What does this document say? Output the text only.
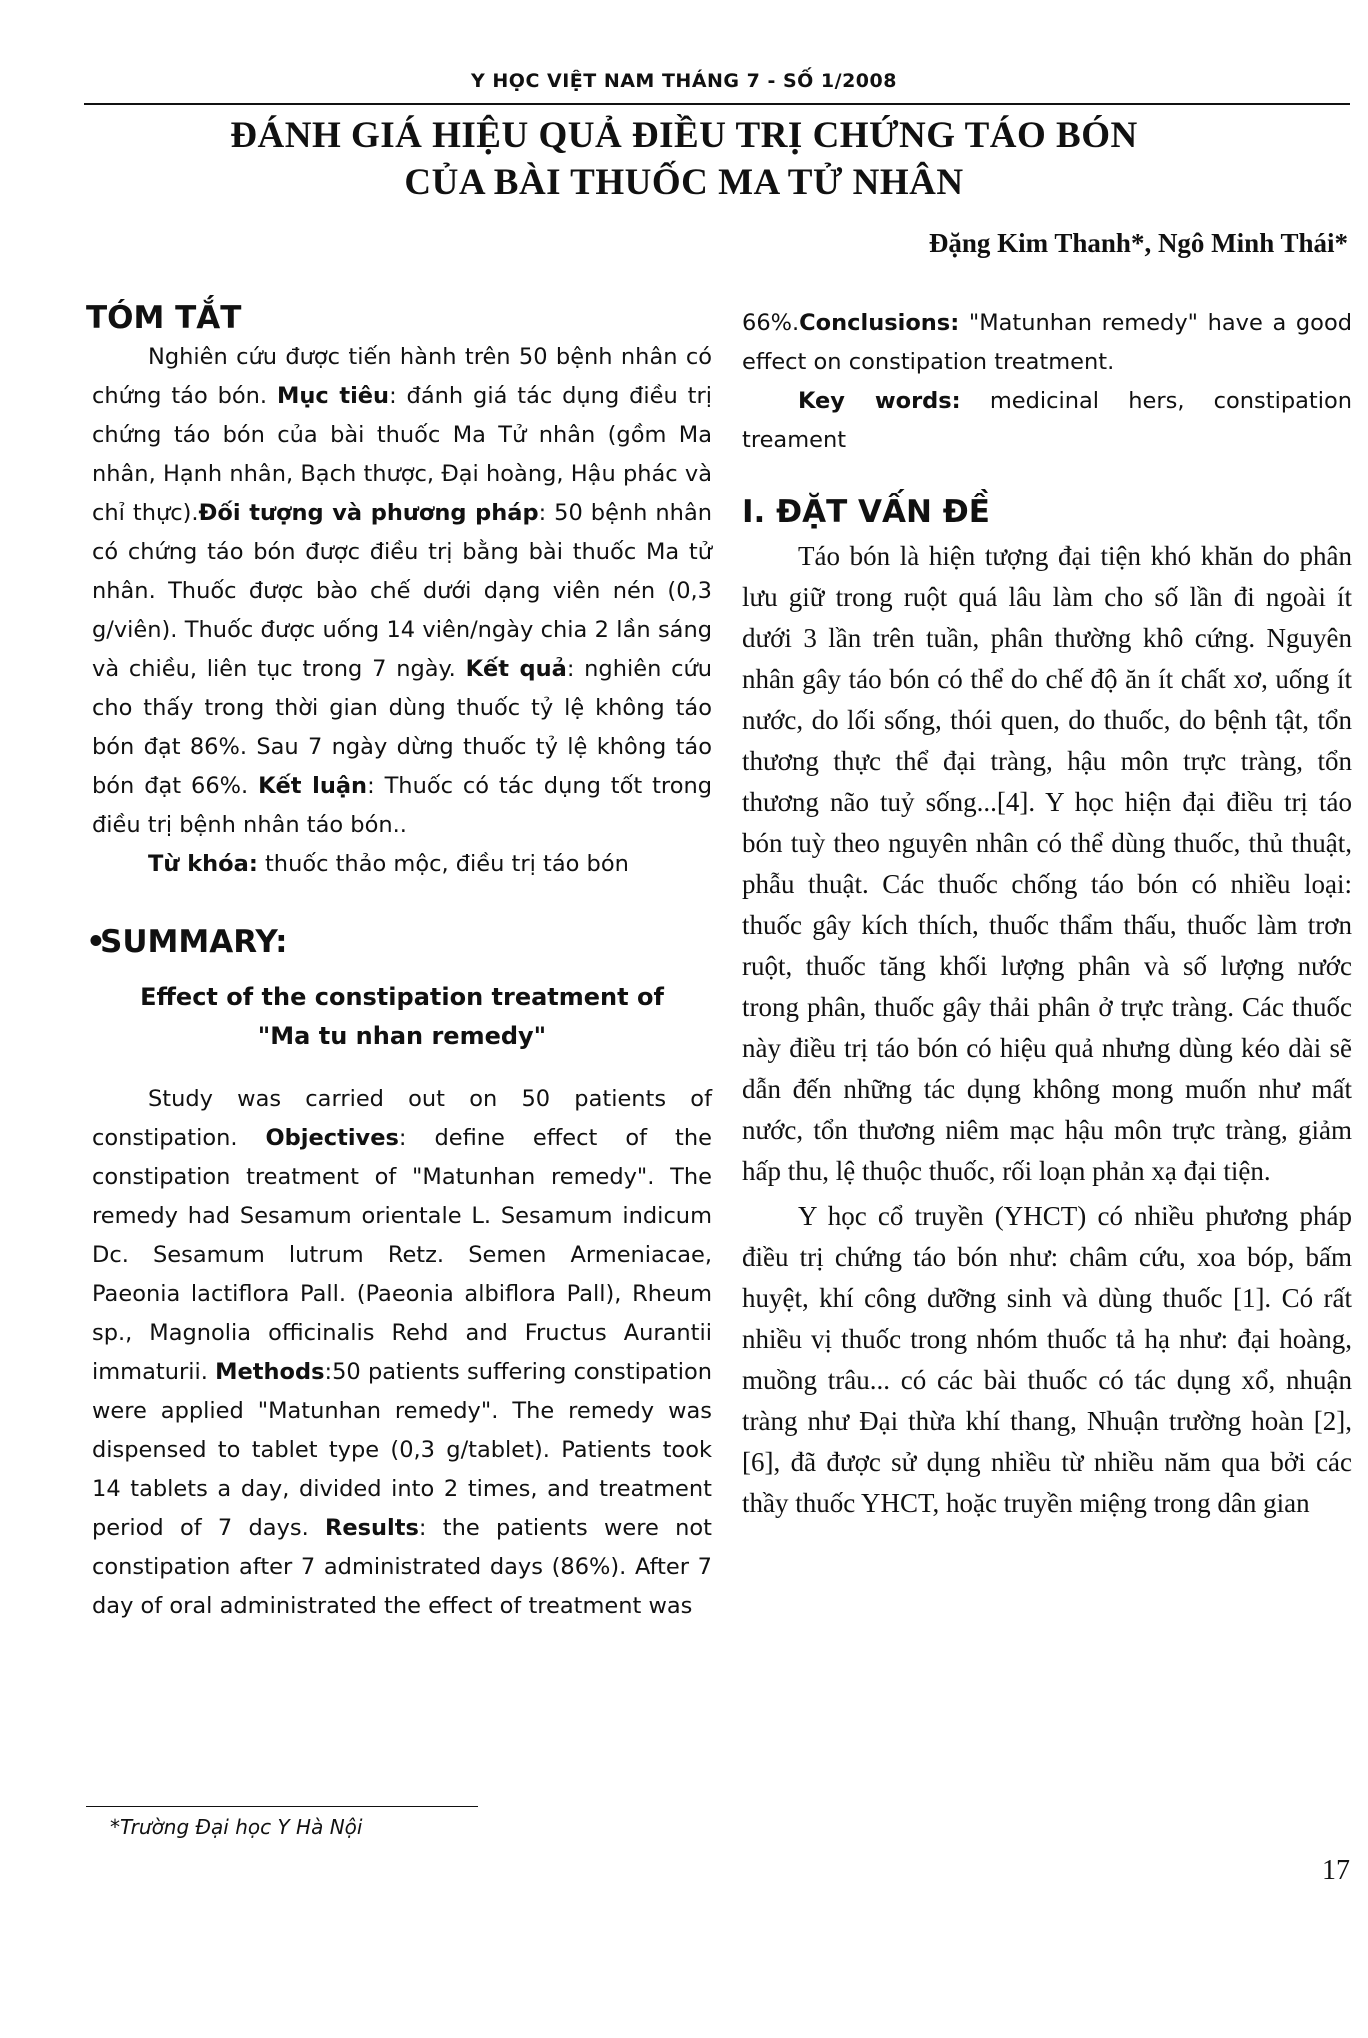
Y HỌC VIỆT NAM THÁNG 7 - SỐ 1/2008
ĐÁNH GIÁ HIỆU QUẢ ĐIỀU TRỊ CHỨNG TÁO BÓN
CỦA BÀI THUỐC MA TỬ NHÂN
Đặng Kim Thanh*, Ngô Minh Thái*
TÓM TẮT

Nghiên cứu được tiến hành trên 50 bệnh nhân có chứng táo bón. Mục tiêu: đánh giá tác dụng điều trị chứng táo bón của bài thuốc Ma Tử nhân (gồm Ma nhân, Hạnh nhân, Bạch thược, Đại hoàng, Hậu phác và chỉ thực).Đối tượng và phương pháp: 50 bệnh nhân có chứng táo bón được điều trị bằng bài thuốc Ma tử nhân. Thuốc được bào chế dưới dạng viên nén (0,3 g/viên). Thuốc được uống 14 viên/ngày chia 2 lần sáng và chiều, liên tục trong 7 ngày. Kết quả: nghiên cứu cho thấy trong thời gian dùng thuốc tỷ lệ không táo bón đạt 86%. Sau 7 ngày dừng thuốc tỷ lệ không táo bón đạt 66%. Kết luận: Thuốc có tác dụng tốt trong điều trị bệnh nhân táo bón..

Từ khóa: thuốc thảo mộc, điều trị táo bón

•SUMMARY:

Effect of the constipation treatment of
"Ma tu nhan remedy"

Study was carried out on 50 patients of constipation. Objectives: define effect of the constipation treatment of "Matunhan remedy". The remedy had Sesamum orientale L. Sesamum indicum Dc. Sesamum lutrum Retz. Semen Armeniacae, Paeonia lactiflora Pall. (Paeonia albiflora Pall), Rheum sp., Magnolia officinalis Rehd and Fructus Aurantii immaturii. Methods:50 patients suffering constipation were applied "Matunhan remedy". The remedy was dispensed to tablet type (0,3 g/tablet). Patients took 14 tablets a day, divided into 2 times, and treatment period of 7 days. Results: the patients were not constipation after 7 administrated days (86%). After 7 day of oral administrated the effect of treatment was

66%.Conclusions: "Matunhan remedy" have a good effect on constipation treatment.

Key words: medicinal hers, constipation treament

I. ĐẶT VẤN ĐỀ

Táo bón là hiện tượng đại tiện khó khăn do phân lưu giữ trong ruột quá lâu làm cho số lần đi ngoài ít dưới 3 lần trên tuần, phân thường khô cứng. Nguyên nhân gây táo bón có thể do chế độ ăn ít chất xơ, uống ít nước, do lối sống, thói quen, do thuốc, do bệnh tật, tổn thương thực thể đại tràng, hậu môn trực tràng, tổn thương não tuỷ sống...[4]. Y học hiện đại điều trị táo bón tuỳ theo nguyên nhân có thể dùng thuốc, thủ thuật, phẫu thuật. Các thuốc chống táo bón có nhiều loại: thuốc gây kích thích, thuốc thẩm thấu, thuốc làm trơn ruột, thuốc tăng khối lượng phân và số lượng nước trong phân, thuốc gây thải phân ở trực tràng. Các thuốc này điều trị táo bón có hiệu quả nhưng dùng kéo dài sẽ dẫn đến những tác dụng không mong muốn như mất nước, tổn thương niêm mạc hậu môn trực tràng, giảm hấp thu, lệ thuộc thuốc, rối loạn phản xạ đại tiện.

Y học cổ truyền (YHCT) có nhiều phương pháp điều trị chứng táo bón như: châm cứu, xoa bóp, bấm huyệt, khí công dưỡng sinh và dùng thuốc [1]. Có rất nhiều vị thuốc trong nhóm thuốc tả hạ như: đại hoàng, muồng trâu... có các bài thuốc có tác dụng xổ, nhuận tràng như Đại thừa khí thang, Nhuận trường hoàn [2], [6], đã được sử dụng nhiều từ nhiều năm qua bởi các thầy thuốc YHCT, hoặc truyền miệng trong dân gian

*Trường Đại học Y Hà Nội
17
